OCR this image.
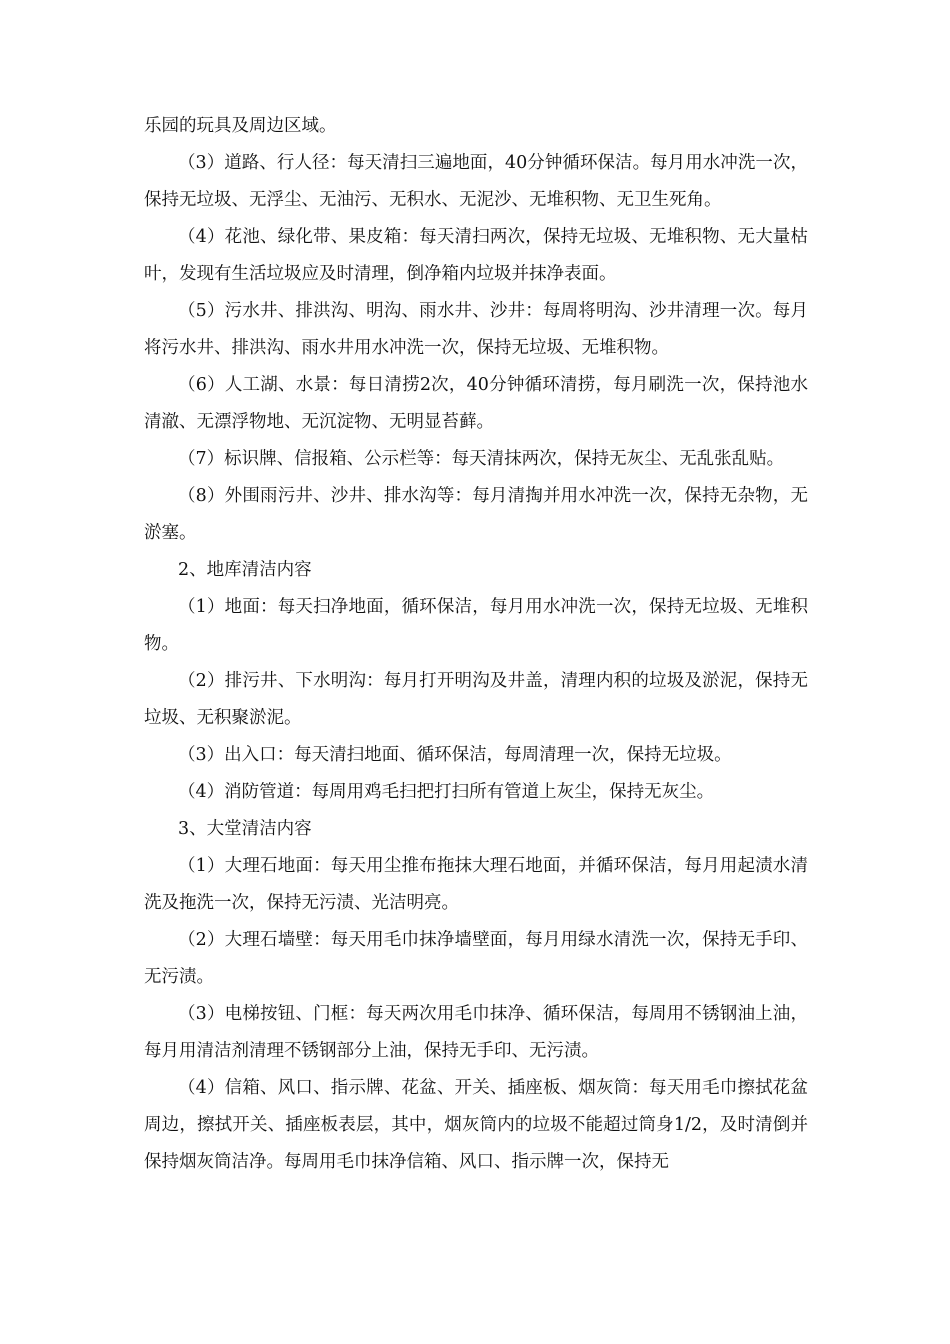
乐园的玩具及周边区域。

（3）道路、行人径：每天清扫三遍地面，40分钟循环保洁。每月用水冲洗一次，保持无垃圾、无浮尘、无油污、无积水、无泥沙、无堆积物、无卫生死角。

（4）花池、绿化带、果皮箱：每天清扫两次，保持无垃圾、无堆积物、无大量枯叶，发现有生活垃圾应及时清理，倒净箱内垃圾并抹净表面。

（5）污水井、排洪沟、明沟、雨水井、沙井：每周将明沟、沙井清理一次。每月将污水井、排洪沟、雨水井用水冲洗一次，保持无垃圾、无堆积物。

（6）人工湖、水景：每日清捞2次，40分钟循环清捞，每月刷洗一次，保持池水清澈、无漂浮物地、无沉淀物、无明显苔藓。

（7）标识牌、信报箱、公示栏等：每天清抹两次，保持无灰尘、无乱张乱贴。

（8）外围雨污井、沙井、排水沟等：每月清掏并用水冲洗一次，保持无杂物，无淤塞。

2、地库清洁内容

（1）地面：每天扫净地面，循环保洁，每月用水冲洗一次，保持无垃圾、无堆积物。

（2）排污井、下水明沟：每月打开明沟及井盖，清理内积的垃圾及淤泥，保持无垃圾、无积聚淤泥。

（3）出入口：每天清扫地面、循环保洁，每周清理一次，保持无垃圾。

（4）消防管道：每周用鸡毛扫把打扫所有管道上灰尘，保持无灰尘。

3、大堂清洁内容

（1）大理石地面：每天用尘推布拖抹大理石地面，并循环保洁，每月用起渍水清洗及拖洗一次，保持无污渍、光洁明亮。

（2）大理石墙壁：每天用毛巾抹净墙壁面，每月用绿水清洗一次，保持无手印、无污渍。

（3）电梯按钮、门框：每天两次用毛巾抹净、循环保洁，每周用不锈钢油上油，每月用清洁剂清理不锈钢部分上油，保持无手印、无污渍。

（4）信箱、风口、指示牌、花盆、开关、插座板、烟灰筒：每天用毛巾擦拭花盆周边，擦拭开关、插座板表层，其中，烟灰筒内的垃圾不能超过筒身1/2，及时清倒并保持烟灰筒洁净。每周用毛巾抹净信箱、风口、指示牌一次，保持无
